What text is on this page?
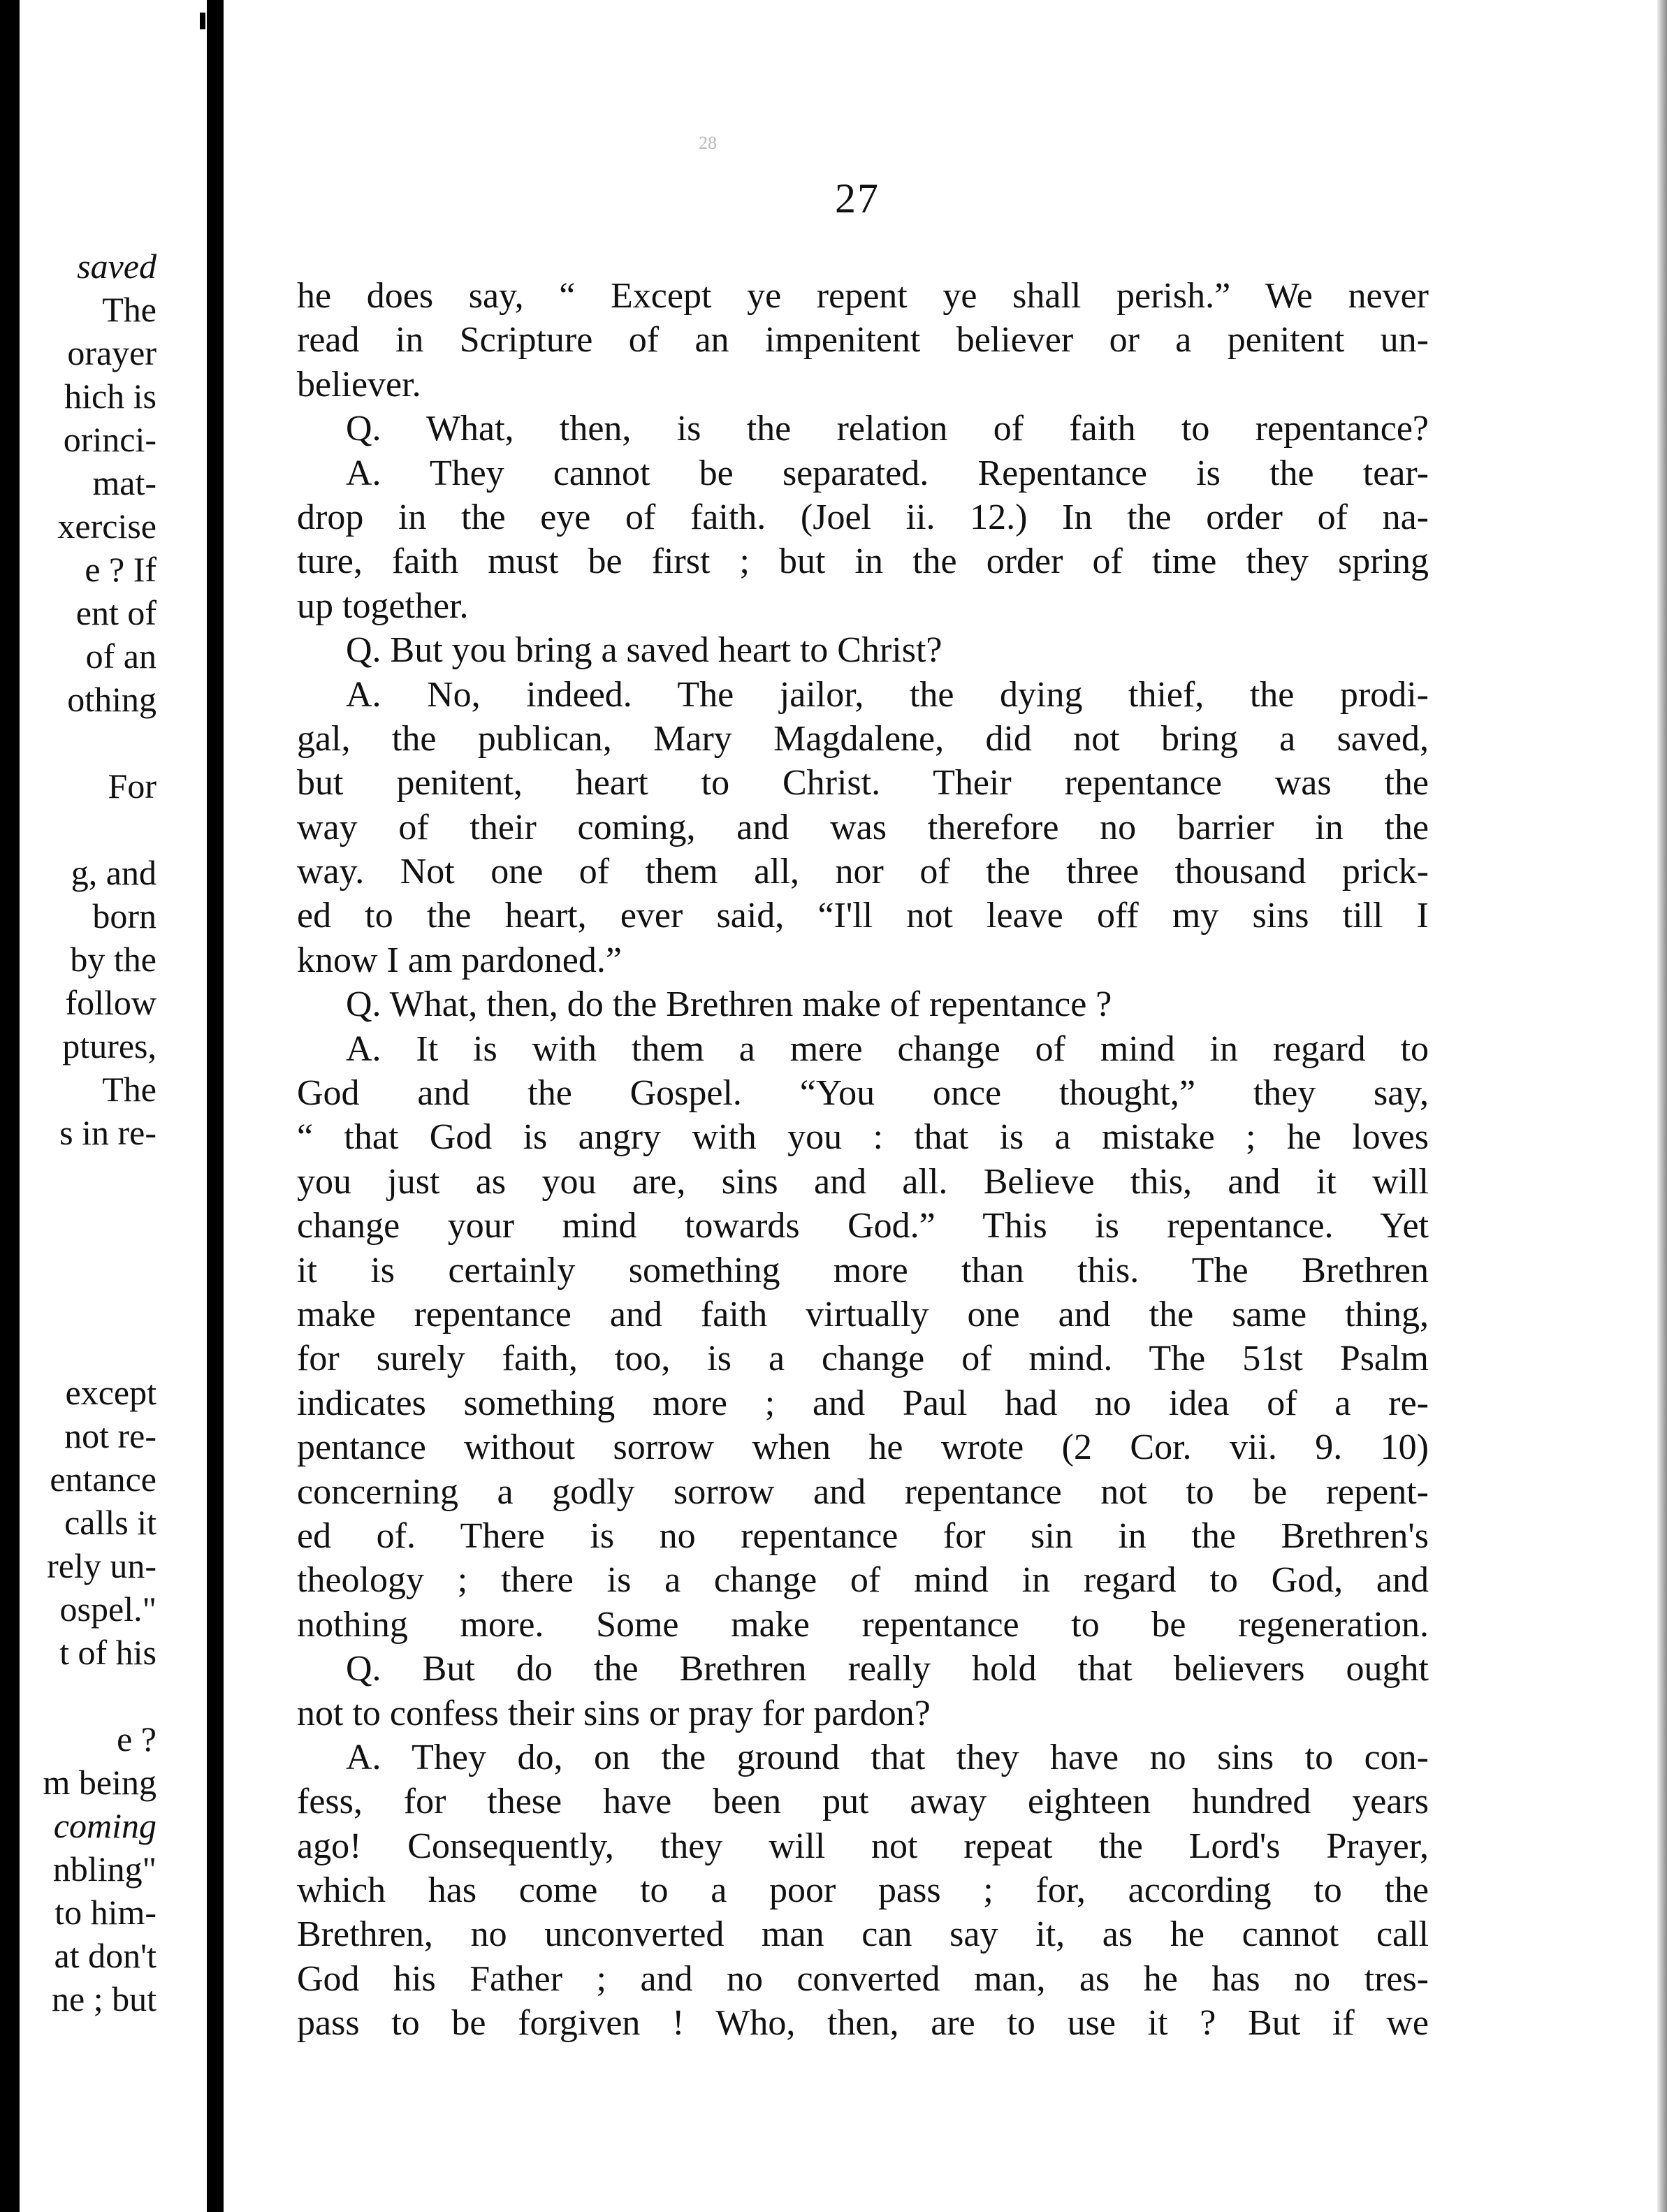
saved
The
orayer
hich is
orinci-
mat-
xercise
e ? If
ent of
of an
othing
For
g, and
born
by the
follow
ptures,
The
s in re-
except
not re-
entance
calls it
rely un-
ospel."
t of his
e ?
m being
coming
nbling"
to him-
at don't
ne ; but
28
27
he does say, “ Except ye repent ye shall perish.” We never
read in Scripture of an impenitent believer or a penitent un-
believer.
Q. What, then, is the relation of faith to repentance?
A. They cannot be separated. Repentance is the tear-
drop in the eye of faith. (Joel ii. 12.) In the order of na-
ture, faith must be first ; but in the order of time they spring
up together.
Q. But you bring a saved heart to Christ?
A. No, indeed. The jailor, the dying thief, the prodi-
gal, the publican, Mary Magdalene, did not bring a saved,
but penitent, heart to Christ. Their repentance was the
way of their coming, and was therefore no barrier in the
way. Not one of them all, nor of the three thousand prick-
ed to the heart, ever said, “I'll not leave off my sins till I
know I am pardoned.”
Q. What, then, do the Brethren make of repentance ?
A. It is with them a mere change of mind in regard to
God and the Gospel. “You once thought,” they say,
“ that God is angry with you : that is a mistake ; he loves
you just as you are, sins and all. Believe this, and it will
change your mind towards God.” This is repentance. Yet
it is certainly something more than this. The Brethren
make repentance and faith virtually one and the same thing,
for surely faith, too, is a change of mind. The 51st Psalm
indicates something more ; and Paul had no idea of a re-
pentance without sorrow when he wrote (2 Cor. vii. 9. 10)
concerning a godly sorrow and repentance not to be repent-
ed of. There is no repentance for sin in the Brethren's
theology ; there is a change of mind in regard to God, and
nothing more. Some make repentance to be regeneration.
Q. But do the Brethren really hold that believers ought
not to confess their sins or pray for pardon?
A. They do, on the ground that they have no sins to con-
fess, for these have been put away eighteen hundred years
ago! Consequently, they will not repeat the Lord's Prayer,
which has come to a poor pass ; for, according to the
Brethren, no unconverted man can say it, as he cannot call
God his Father ; and no converted man, as he has no tres-
pass to be forgiven ! Who, then, are to use it ? But if we
